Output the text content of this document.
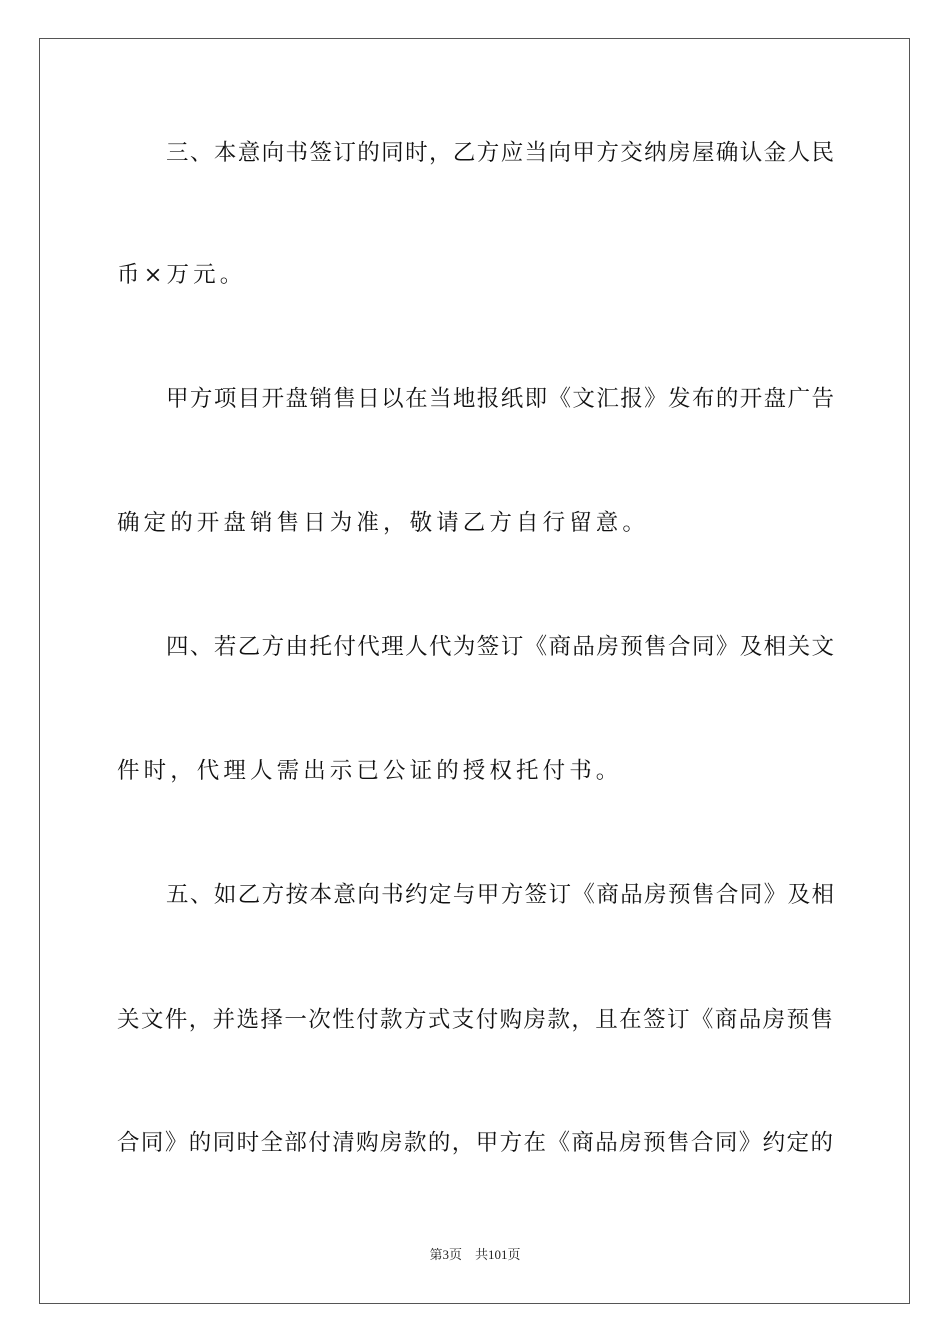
三、本意向书签订的同时，乙方应当向甲方交纳房屋确认金人民
币×万元。
甲方项目开盘销售日以在当地报纸即《文汇报》发布的开盘广告
确定的开盘销售日为准，敬请乙方自行留意。
四、若乙方由托付代理人代为签订《商品房预售合同》及相关文
件时，代理人需出示已公证的授权托付书。
五、如乙方按本意向书约定与甲方签订《商品房预售合同》及相
关文件，并选择一次性付款方式支付购房款，且在签订《商品房预售
合同》的同时全部付清购房款的，甲方在《商品房预售合同》约定的
第3页 共101页
